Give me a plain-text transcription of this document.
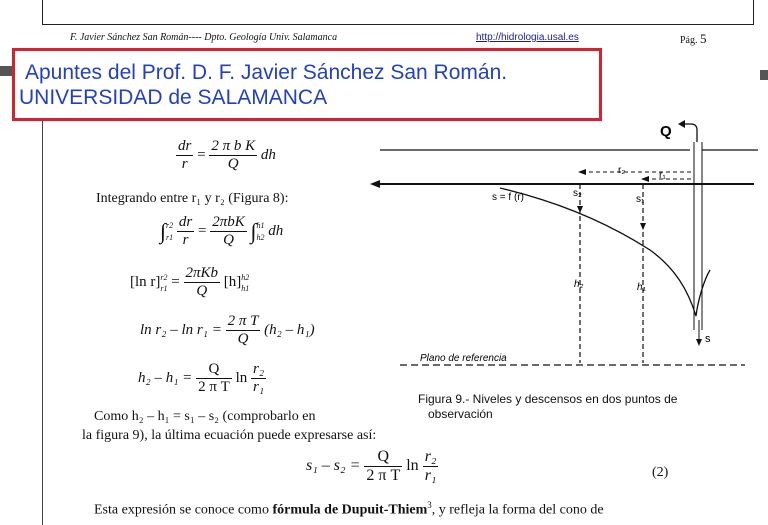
F. Javier Sánchez San Román---- Dpto. Geología Univ. Salamanca	http://hidrologia.usal.es	Pág. 5
Apuntes del Prof. D. F. Javier Sánchez San Román.
UNIVERSIDAD de SALAMANCA
$\frac{dr}{r} = \frac{\text{2 π b K}}{Q}$ dh
Integrando entre r₁ y r₂ (Figura 8):
∫ r2
r1
$\frac{dr}{r} = \frac{\text{2πbK}}{Q}$ ∫ h1
h2 dh
[ln r] r2
$r1 = \frac{\text{2πKb}}{Q} [h]$ h2
h1
$\ln r_2 - \ln r_1 = \frac{\text{2 π T}}{Q} (h_2 - h_1)$
$h_2 - h_1 = \frac{Q}{\text{2 π T}}$ $\ln \frac{\text{r₂}}{\text{r₁}}$
Como h₂ – h₁ = s₁ – s₂ (comprobarlo en
la figura 9), la última ecuación puede expresarse así:
$s_1 - s_2 = \frac{Q}{\text{2 π T}}$ $\ln \frac{\text{r₂}}{\text{r₁}}$	(2)
Esta expresión se conoce como fórmula de Dupuit-Thiem$^3$, y refleja la forma del cono de
Q
r₂	r₁
s₂
s₁
s = f (r)
h₂	h₁
s
Plano de referencia
Figura 9.- Niveles y descensos en dos puntos de
observación
